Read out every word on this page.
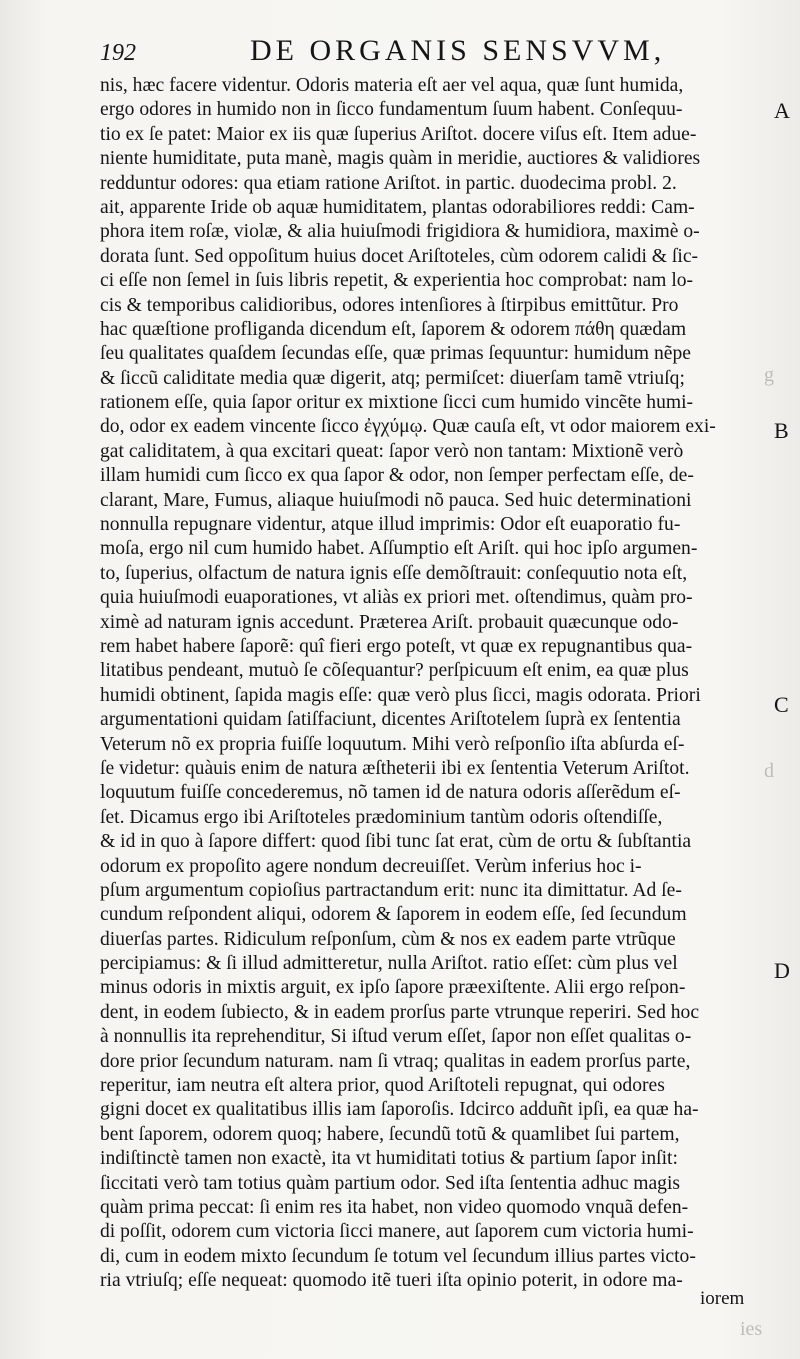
192	DE ORGANIS SENSVVM,
nis, hæc facere videntur. Odoris materia eſt aer vel aqua, quæ ſunt humida,
ergo odores in humido non in ſicco fundamentum ſuum habent. Conſequu-
tio ex ſe patet: Maior ex iis quæ ſuperius Ariſtot. docere viſus eſt. Item adue-
niente humiditate, puta manè, magis quàm in meridie, auctiores & validiores
redduntur odores: qua etiam ratione Ariſtot. in partic. duodecima probl. 2.
ait, apparente Iride ob aquæ humiditatem, plantas odorabiliores reddi: Cam-
phora item roſæ, violæ, & alia huiuſmodi frigidiora & humidiora, maximè o-
dorata ſunt. Sed oppoſitum huius docet Ariſtoteles, cùm odorem calidi & ſic-
ci eſſe non ſemel in ſuis libris repetit, & experientia hoc comprobat: nam lo-
cis & temporibus calidioribus, odores intenſiores à ſtirpibus emittũtur. Pro
hac quæſtione profliganda dicendum eſt, ſaporem & odorem πάθη quædam
ſeu qualitates quaſdem ſecundas eſſe, quæ primas ſequuntur: humidum nẽpe
& ſiccũ caliditate media quæ digerit, atq; permiſcet: diuerſam tamẽ vtriuſq;
rationem eſſe, quia ſapor oritur ex mixtione ſicci cum humido vincẽte humi-
do, odor ex eadem vincente ſicco ἐγχύμῳ. Quæ cauſa eſt, vt odor maiorem exi-
gat caliditatem, à qua excitari queat: ſapor verò non tantam: Mixtionẽ verò
illam humidi cum ſicco ex qua ſapor & odor, non ſemper perfectam eſſe, de-
clarant, Mare, Fumus, aliaque huiuſmodi nõ pauca. Sed huic determinationi
nonnulla repugnare videntur, atque illud imprimis: Odor eſt euaporatio fu-
moſa, ergo nil cum humido habet. Aſſumptio eſt Ariſt. qui hoc ipſo argumen-
to, ſuperius, olfactum de natura ignis eſſe demõſtrauit: conſequutio nota eſt,
quia huiuſmodi euaporationes, vt aliàs ex priori met. oſtendimus, quàm pro-
ximè ad naturam ignis accedunt. Præterea Ariſt. probauit quæcunque odo-
rem habet habere ſaporẽ: quî fieri ergo poteſt, vt quæ ex repugnantibus qua-
litatibus pendeant, mutuò ſe cõſequantur? perſpicuum eſt enim, ea quæ plus
humidi obtinent, ſapida magis eſſe: quæ verò plus ſicci, magis odorata. Priori
argumentationi quidam ſatiſfaciunt, dicentes Ariſtotelem ſuprà ex ſententia
Veterum nõ ex propria fuiſſe loquutum. Mihi verò reſponſio iſta abſurda eſ-
ſe videtur: quàuis enim de natura æſtheterii ibi ex ſententia Veterum Ariſtot.
loquutum fuiſſe concederemus, nõ tamen id de natura odoris aſſerẽdum eſ-
ſet. Dicamus ergo ibi Ariſtoteles prædominium tantùm odoris oſtendiſſe,
& id in quo à ſapore differt: quod ſibi tunc ſat erat, cùm de ortu & ſubſtantia
odorum ex propoſito agere nondum decreuiſſet. Verùm inferius hoc i-
pſum argumentum copioſius partractandum erit: nunc ita dimittatur. Ad ſe-
cundum reſpondent aliqui, odorem & ſaporem in eodem eſſe, ſed ſecundum
diuerſas partes. Ridiculum reſponſum, cùm & nos ex eadem parte vtrũque
percipiamus: & ſi illud admitteretur, nulla Ariſtot. ratio eſſet: cùm plus vel
minus odoris in mixtis arguit, ex ipſo ſapore præexiſtente. Alii ergo reſpon-
dent, in eodem ſubiecto, & in eadem prorſus parte vtrunque reperiri. Sed hoc
à nonnullis ita reprehenditur, Si iſtud verum eſſet, ſapor non eſſet qualitas o-
dore prior ſecundum naturam. nam ſi vtraq; qualitas in eadem prorſus parte,
reperitur, iam neutra eſt altera prior, quod Ariſtoteli repugnat, qui odores
gigni docet ex qualitatibus illis iam ſaporoſis. Idcirco adduñt ipſi, ea quæ ha-
bent ſaporem, odorem quoq; habere, ſecundũ totũ & quamlibet ſui partem,
indiſtinctè tamen non exactè, ita vt humiditati totius & partium ſapor inſit:
ſiccitati verò tam totius quàm partium odor. Sed iſta ſententia adhuc magis
quàm prima peccat: ſi enim res ita habet, non video quomodo vnquã defen-
di poſſit, odorem cum victoria ſicci manere, aut ſaporem cum victoria humi-
di, cum in eodem mixto ſecundum ſe totum vel ſecundum illius partes victo-
ria vtriuſq; eſſe nequeat: quomodo itẽ tueri iſta opinio poterit, in odore ma-
A
B
C
D
g
d
ies
iorem
